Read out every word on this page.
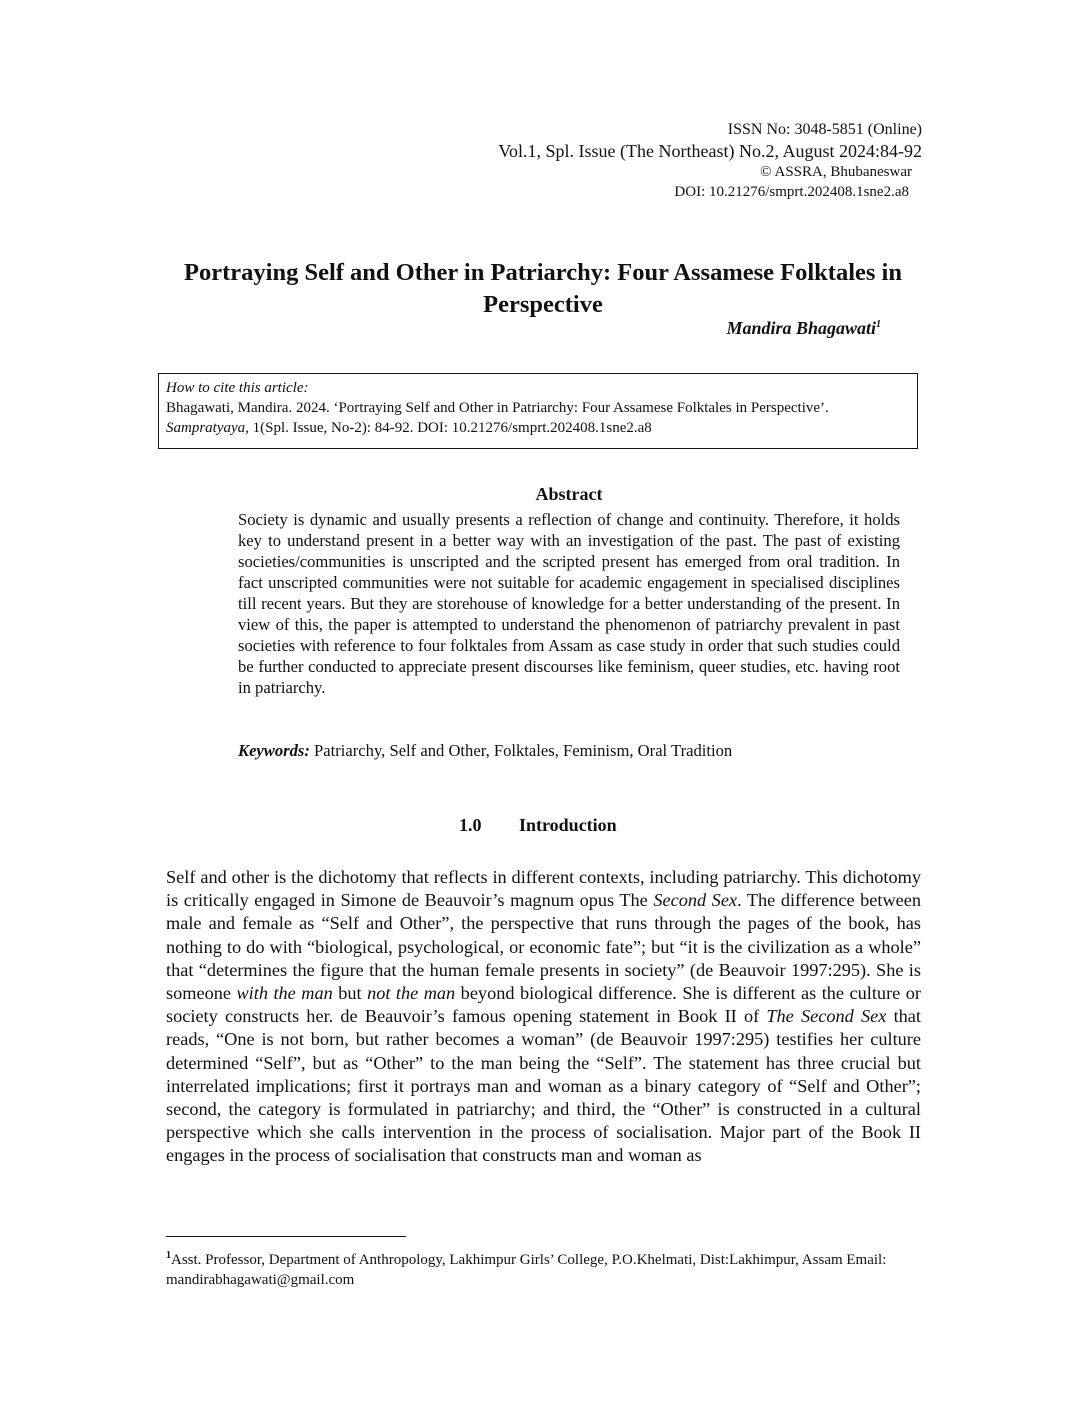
ISSN No: 3048-5851 (Online)
Vol.1, Spl. Issue (The Northeast) No.2, August 2024:84-92
© ASSRA, Bhubaneswar
DOI: 10.21276/smprt.202408.1sne2.a8
Portraying Self and Other in Patriarchy: Four Assamese Folktales in Perspective
Mandira Bhagawati$^1$
How to cite this article:
Bhagawati, Mandira. 2024. ‘Portraying Self and Other in Patriarchy: Four Assamese Folktales in Perspective’.
Sampratyaya, 1(Spl. Issue, No-2): 84-92. DOI: 10.21276/smprt.202408.1sne2.a8
Abstract
Society is dynamic and usually presents a reflection of change and continuity. Therefore, it holds key to understand present in a better way with an investigation of the past. The past of existing societies/communities is unscripted and the scripted present has emerged from oral tradition. In fact unscripted communities were not suitable for academic engagement in specialised disciplines till recent years. But they are storehouse of knowledge for a better understanding of the present. In view of this, the paper is attempted to understand the phenomenon of patriarchy prevalent in past societies with reference to four folktales from Assam as case study in order that such studies could be further conducted to appreciate present discourses like feminism, queer studies, etc. having root in patriarchy.
Keywords: Patriarchy, Self and Other, Folktales, Feminism, Oral Tradition
1.0 Introduction
Self and other is the dichotomy that reflects in different contexts, including patriarchy. This dichotomy is critically engaged in Simone de Beauvoir’s magnum opus The Second Sex. The difference between male and female as “Self and Other”, the perspective that runs through the pages of the book, has nothing to do with “biological, psychological, or economic fate”; but “it is the civilization as a whole” that “determines the figure that the human female presents in society” (de Beauvoir 1997:295). She is someone with the man but not the man beyond biological difference. She is different as the culture or society constructs her. de Beauvoir’s famous opening statement in Book II of The Second Sex that reads, “One is not born, but rather becomes a woman” (de Beauvoir 1997:295) testifies her culture determined “Self”, but as “Other” to the man being the “Self”. The statement has three crucial but interrelated implications; first it portrays man and woman as a binary category of “Self and Other”; second, the category is formulated in patriarchy; and third, the “Other” is constructed in a cultural perspective which she calls intervention in the process of socialisation. Major part of the Book II engages in the process of socialisation that constructs man and woman as
$^1$Asst. Professor, Department of Anthropology, Lakhimpur Girls’ College, P.O.Khelmati, Dist:Lakhimpur, Assam Email: mandirabhagawati@gmail.com
